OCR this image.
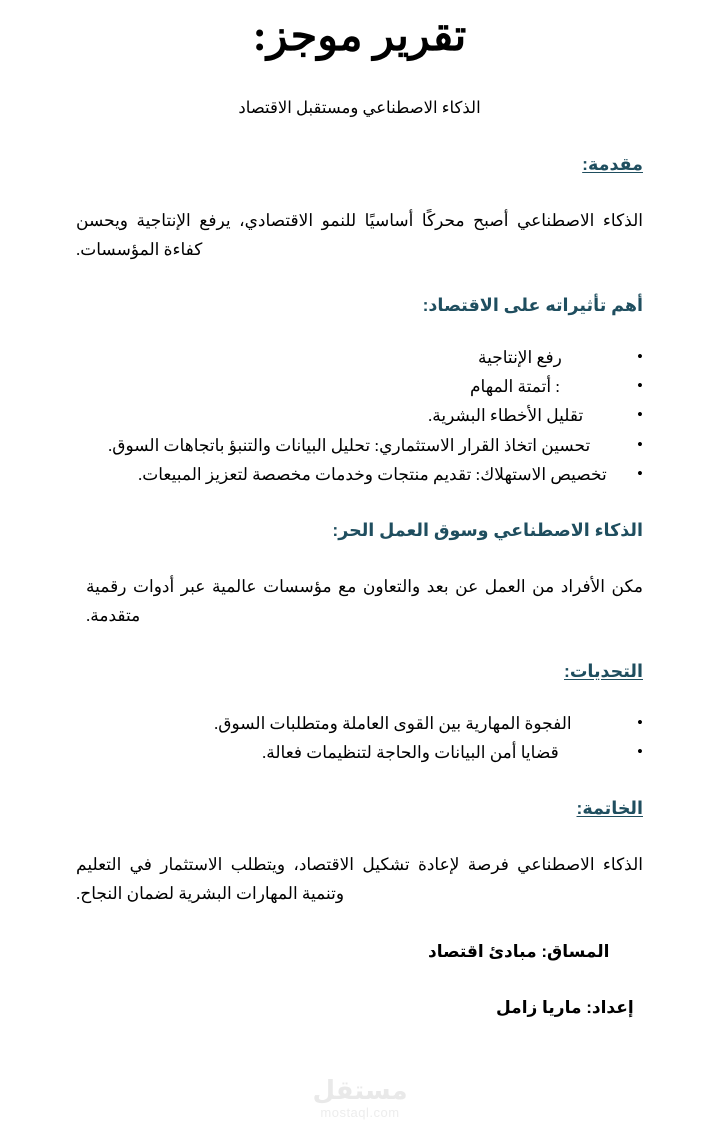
تقرير موجز:

الذكاء الاصطناعي ومستقبل الاقتصاد

مقدمة:

الذكاء الاصطناعي أصبح محركًا أساسيًا للنمو الاقتصادي، يرفع الإنتاجية ويحسن كفاءة المؤسسات.

أهم تأثيراته على الاقتصاد:
• رفع الإنتاجية
• : أتمتة المهام
• تقليل الأخطاء البشرية.
• تحسين اتخاذ القرار الاستثماري: تحليل البيانات والتنبؤ باتجاهات السوق.
• تخصيص الاستهلاك: تقديم منتجات وخدمات مخصصة لتعزيز المبيعات.
الذكاء الاصطناعي وسوق العمل الحر:

مكن الأفراد من العمل عن بعد والتعاون مع مؤسسات عالمية عبر أدوات رقمية متقدمة.

التحديات:
• الفجوة المهارية بين القوى العاملة ومتطلبات السوق.
• قضايا أمن البيانات والحاجة لتنظيمات فعالة.
الخاتمة:

الذكاء الاصطناعي فرصة لإعادة تشكيل الاقتصاد، ويتطلب الاستثمار في التعليم وتنمية المهارات البشرية لضمان النجاح.

المساق: مبادئ اقتصاد
إعداد: ماريا زامل
مستقل
mostaql.com
